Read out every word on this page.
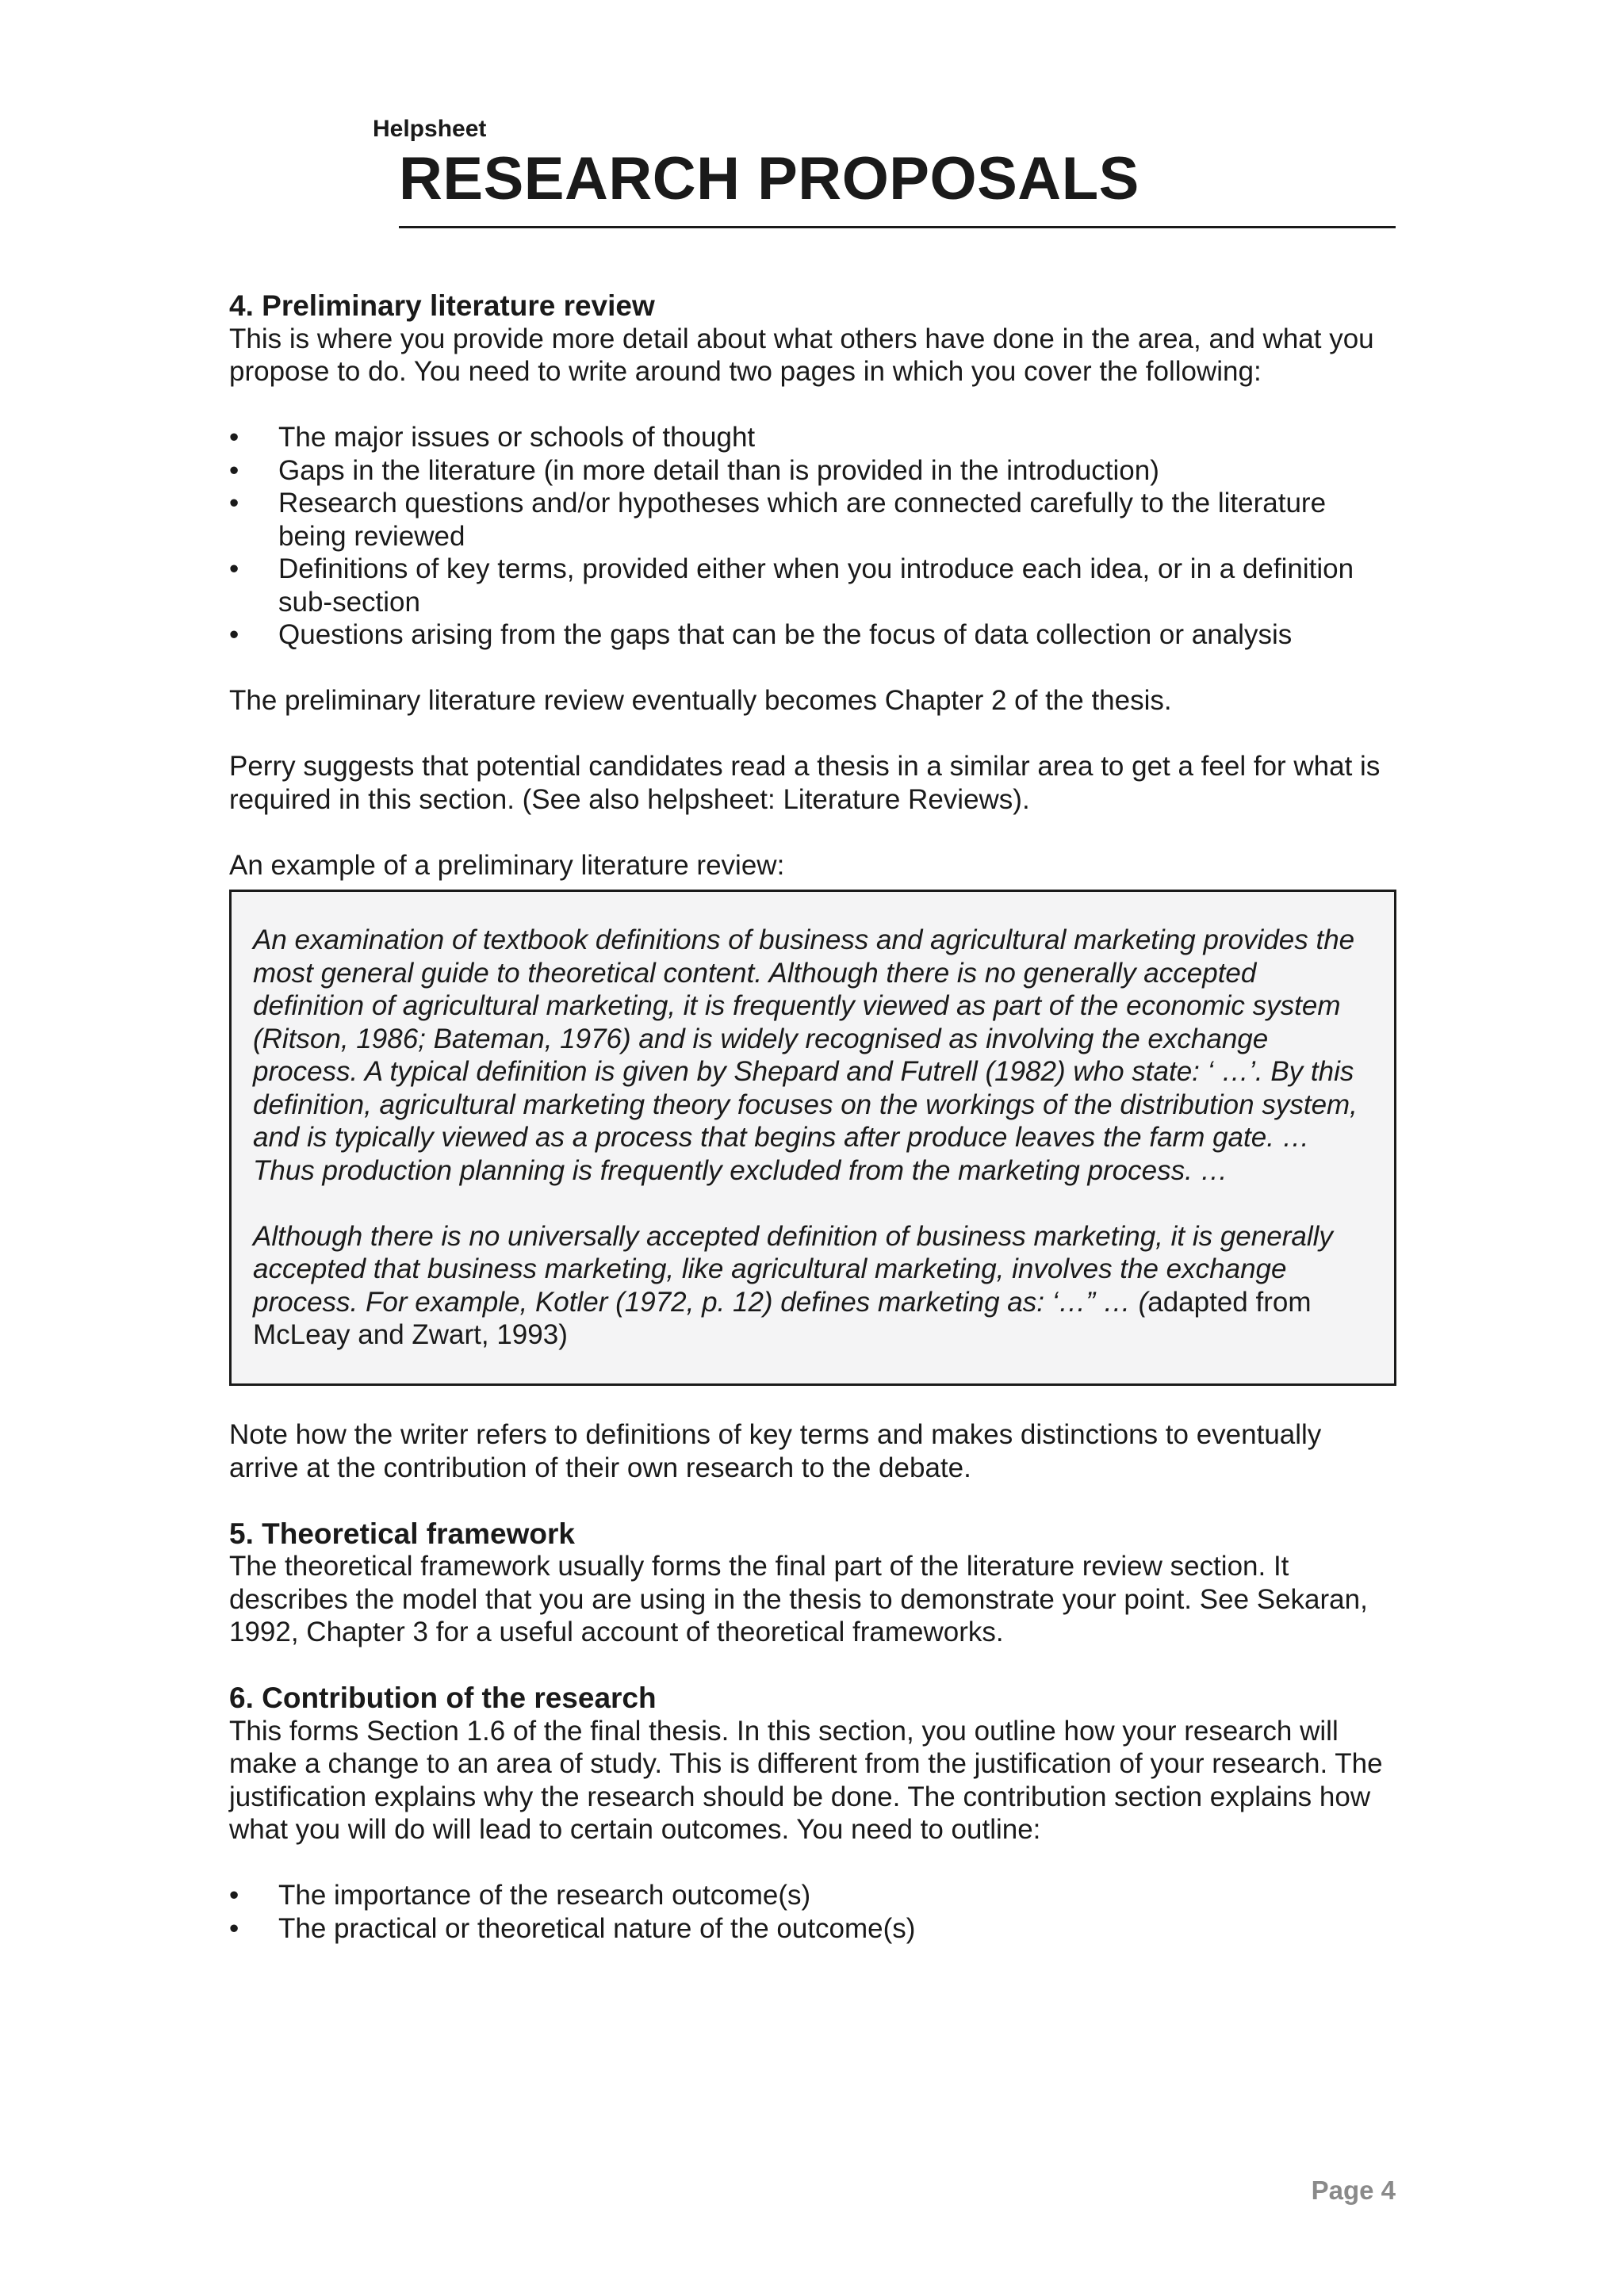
Helpsheet
RESEARCH PROPOSALS

4. Preliminary literature review

This is where you provide more detail about what others have done in the area, and what you propose to do. You need to write around two pages in which you cover the following:

• The major issues or schools of thought
• Gaps in the literature (in more detail than is provided in the introduction)
• Research questions and/or hypotheses which are connected carefully to the literature being reviewed
• Definitions of key terms, provided either when you introduce each idea, or in a definition sub-section
• Questions arising from the gaps that can be the focus of data collection or analysis

The preliminary literature review eventually becomes Chapter 2 of the thesis.

Perry suggests that potential candidates read a thesis in a similar area to get a feel for what is required in this section. (See also helpsheet: Literature Reviews).

An example of a preliminary literature review:

An examination of textbook definitions of business and agricultural marketing provides the most general guide to theoretical content. Although there is no generally accepted definition of agricultural marketing, it is frequently viewed as part of the economic system (Ritson, 1986; Bateman, 1976) and is widely recognised as involving the exchange process. A typical definition is given by Shepard and Futrell (1982) who state: ‘ …’. By this definition, agricultural marketing theory focuses on the workings of the distribution system, and is typically viewed as a process that begins after produce leaves the farm gate. … Thus production planning is frequently excluded from the marketing process. …

Although there is no universally accepted definition of business marketing, it is generally accepted that business marketing, like agricultural marketing, involves the exchange process. For example, Kotler (1972, p. 12) defines marketing as: ‘…” … (adapted from McLeay and Zwart, 1993)

Note how the writer refers to definitions of key terms and makes distinctions to eventually arrive at the contribution of their own research to the debate.

5. Theoretical framework

The theoretical framework usually forms the final part of the literature review section. It describes the model that you are using in the thesis to demonstrate your point. See Sekaran, 1992, Chapter 3 for a useful account of theoretical frameworks.

6. Contribution of the research

This forms Section 1.6 of the final thesis. In this section, you outline how your research will make a change to an area of study. This is different from the justification of your research. The justification explains why the research should be done. The contribution section explains how what you will do will lead to certain outcomes. You need to outline:

• The importance of the research outcome(s)
• The practical or theoretical nature of the outcome(s)
Page 4
